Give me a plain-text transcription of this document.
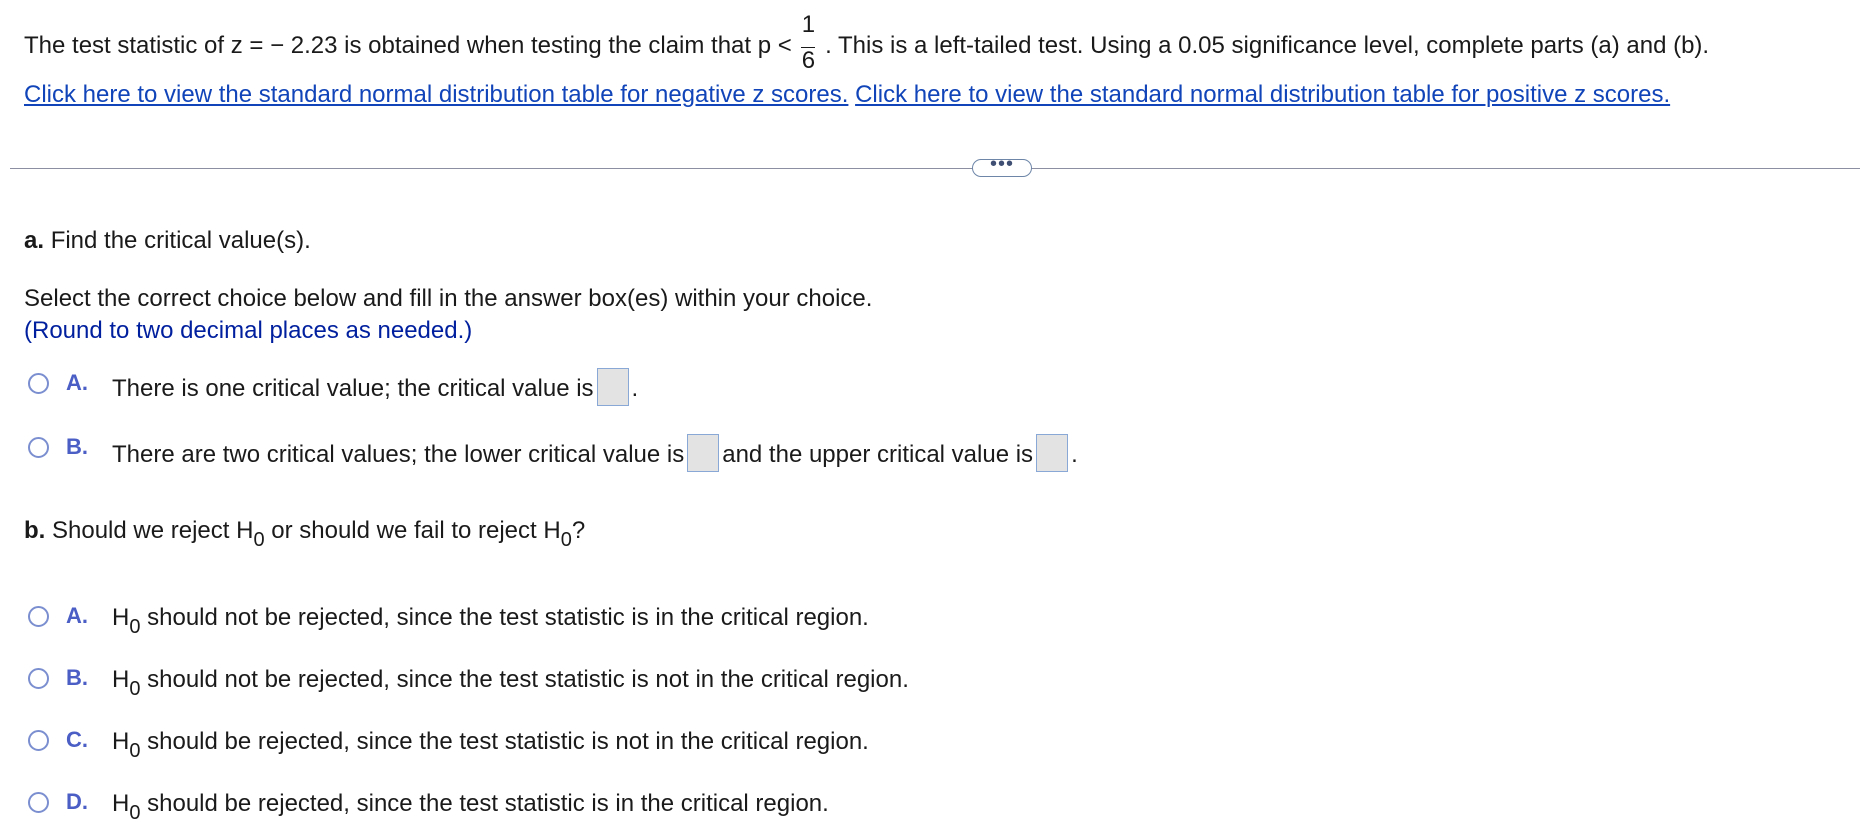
The test statistic of z = − 2.23 is obtained when testing the claim that $p < \frac{1}{6}$ . This is a left-tailed test. Using a 0.05 significance level, complete parts (a) and (b).
Click here to view the standard normal distribution table for negative z scores. Click here to view the standard normal distribution table for positive z scores.
•••
a. Find the critical value(s).
Select the correct choice below and fill in the answer box(es) within your choice.
(Round to two decimal places as needed.)
A. There is one critical value; the critical value is .
B. There are two critical values; the lower critical value is and the upper critical value is .
b. Should we reject $H_0$ or should we fail to reject $H_0$?
A. $H_0$ should not be rejected, since the test statistic is in the critical region.
B. $H_0$ should not be rejected, since the test statistic is not in the critical region.
C. $H_0$ should be rejected, since the test statistic is not in the critical region.
D. $H_0$ should be rejected, since the test statistic is in the critical region.
